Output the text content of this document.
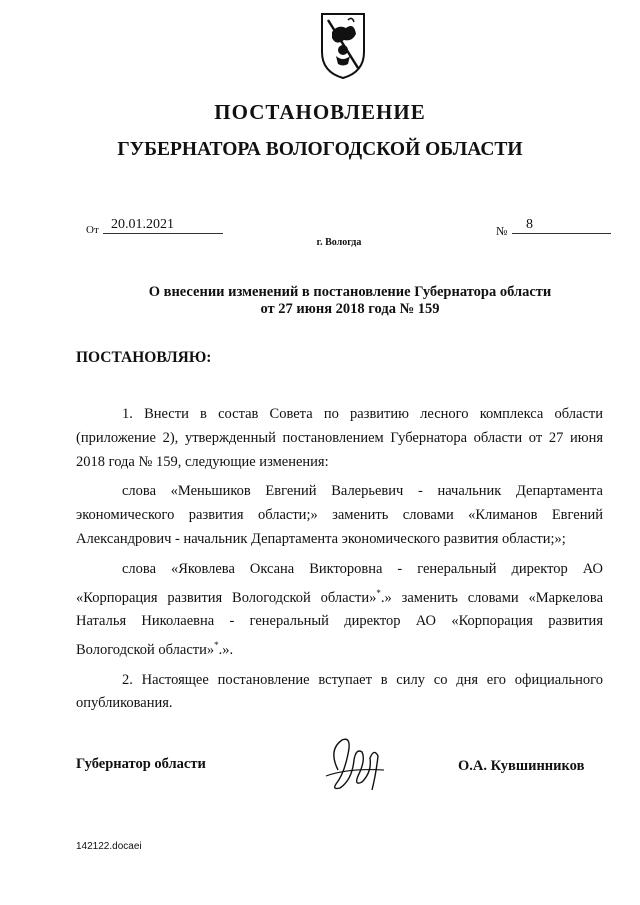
ПОСТАНОВЛЕНИЕ
ГУБЕРНАТОРА ВОЛОГОДСКОЙ ОБЛАСТИ
От 20.01.2021	№	8
г. Вологда
О внесении изменений в постановление Губернатора области
от 27 июня 2018 года № 159
ПОСТАНОВЛЯЮ:

1. Внести в состав Совета по развитию лесного комплекса области (приложение 2), утвержденный постановлением Губернатора области от 27 июня 2018 года № 159, следующие изменения:

слова «Меньшиков Евгений Валерьевич - начальник Департамента экономического развития области;» заменить словами «Климанов Евгений Александрович - начальник Департамента экономического развития области;»;

слова «Яковлева Оксана Викторовна - генеральный директор АО «Корпорация развития Вологодской области»*.» заменить словами «Маркелова Наталья Николаевна - генеральный директор АО «Корпорация развития Вологодской области»*.».

2. Настоящее постановление вступает в силу со дня его официального опубликования.

Губернатор области	О.А. Кувшинников
142122.docaei
